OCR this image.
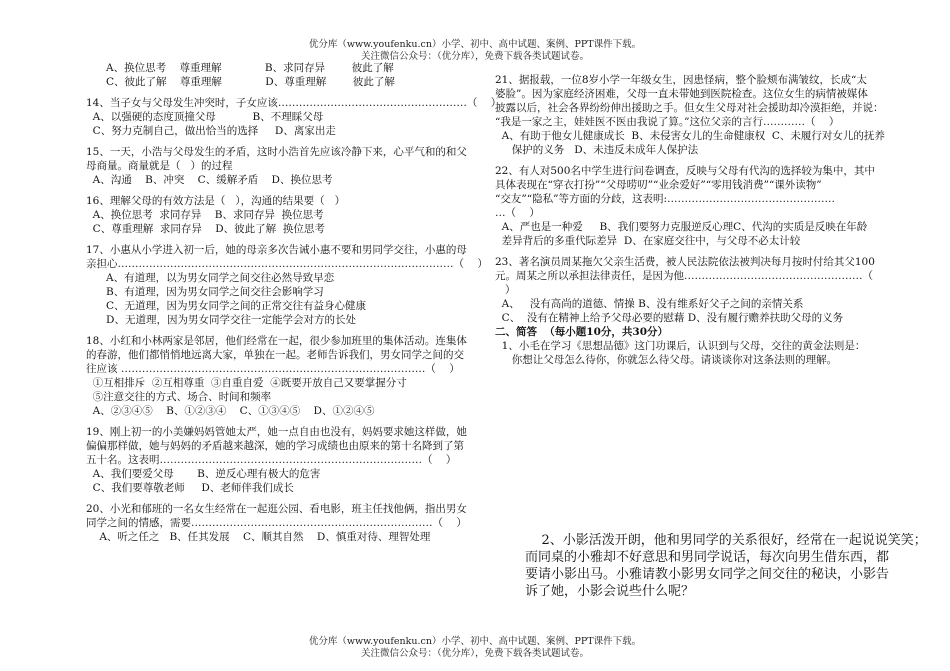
优分库（www.youfenku.cn）小学、初中、高中试题、案例、PPT课件下载。
关注微信公众号：（优分库），免费下载各类试题试卷。

A、换位思考    尊重理解             B、求同存异        彼此了解

C、彼此了解    尊重理解             D、尊重理解        彼此了解

14、当子女与父母发生冲突时，子女应该………………………………………………（    ）

A、以强硬的态度顶撞父母           B、不理睬父母

C、努力克制自己，做出恰当的选择     D、离家出走

15、一天，小浩与父母发生的矛盾，这时小浩首先应该冷静下来，心平气和的和父

母商量。商量就是（   ）的过程

A、沟通    B、冲突    C、缓解矛盾    D、换位思考

16、理解父母的有效方法是（   ），沟通的结果要（   ）

A、换位思考  求同存异    B、求同存异  换位思考

C、尊重理解  求同存异    D、彼此了解  换位思考

17、小惠从小学进入初一后，她的母亲多次告诫小惠不要和男同学交往，小惠的母

亲担心……………………………………………………………………………………（    ）

A、有道理，以为男女同学之间交往必然导致早恋

B、有道理，因为男女同学之间交往会影响学习

C、无道理，因为男女同学之间的正常交往有益身心健康

D、无道理，因为男女同学交往一定能学会对方的长处

18、小红和小林两家是邻居，他们经常在一起，很少参加班里的集体活动。连集体

的春游，他们都悄悄地远离大家，单独在一起。老师告诉我们，男女同学之间的交

往应该 ……………………………………………………………………………（    ）

①互相排斥  ②互相尊重  ③自重自爱  ④既要开放自己又要掌握分寸

⑤注意交往的方式、场合、时间和频率

A、②③④⑤    B、①②③④    C、①③④⑤    D、①②④⑤

19、刚上初一的小美嫌妈妈管她太严，她一点自由也没有，妈妈要求她这样做，她

偏偏那样做，她与妈妈的矛盾越来越深，她的学习成绩也由原来的第十名降到了第

五十名。这表明…………………………………………………………………（    ）

A、我们要爱父母       B、逆反心理有极大的危害

C、我们要尊敬老师     D、老师伴我们成长

20、小光和郁班的一名女生经常在一起逛公园、看电影，班主任找他俩，指出男女

同学之间的情感，需要……………………………………………………………（    ）

A、听之任之   B、任其发展    C、顺其自然    D、慎重对待、理智处理

21、据报载，一位8岁小学一年级女生，因患怪病，整个脸颊布满皱纹，长成“太

婆脸”。因为家庭经济困难，父母一直未带她到医院检查。这位女生的病情被媒体

披露以后，社会各界纷纷伸出援助之手。但女生父母对社会援助却冷漠拒绝，并说：

“我是一家之主，娃娃医不医由我说了算。”这位父亲的言行…………（    ）

A、有助于他女儿健康成长  B、未侵害女儿的生命健康权  C、未履行对女儿的抚养

保护的义务   D、未违反未成年人保护法

22、有人对500名中学生进行问卷调查，反映与父母有代沟的选择较为集中，其中

具体表现在“穿衣打扮”“父母唠叨”“业余爱好”“零用钱消费”“课外读物”

“交友”“隐私”等方面的分歧，这表明:…………………………………………

…（    ）

A、严也是一种爱     B、我们要努力克服逆反心理C、代沟的实质是反映在年龄

差异背后的多重代际差异  D、在家庭交往中，与父母不必太计较

23、著名演员周某拖欠父亲生活费，被人民法院依法被判决每月按时付给其父100

元。周某之所以承担法律责任，是因为他……………………………………………（

）

A、   没有高尚的道德、情操 B、没有维系好父子之间的亲情关系

C、  没有在精神上给予父母必要的慰藉 D、没有履行赡养扶助父母的义务

二、简答  （每小题10分，共30分）

1、小毛在学习《思想品德》这门功课后，认识到与父母，交往的黄金法则是：

你想让父母怎么待你，你就怎么待父母。请谈谈你对这条法则的理解。

2、小影活泼开朗，他和男同学的关系很好，经常在一起说说笑笑；

而同桌的小雅却不好意思和男同学说话，每次向男生借东西，都

要请小影出马。小雅请教小影男女同学之间交往的秘诀，小影告

诉了她，小影会说些什么呢？

优分库（www.youfenku.cn）小学、初中、高中试题、案例、PPT课件下载。
关注微信公众号：（优分库），免费下载各类试题试卷。
